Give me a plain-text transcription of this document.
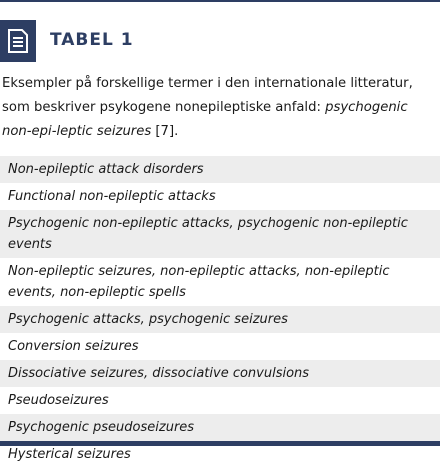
TABEL 1
Eksempler på forskellige termer i den internationale litteratur, som beskriver psykogene nonepileptiske anfald: psychogenic non-epi-leptic seizures [7].
Non-epileptic attack disorders
Functional non-epileptic attacks
Psychogenic non-epileptic attacks, psychogenic non-epileptic events
Non-epileptic seizures, non-epileptic attacks, non-epileptic events, non-epileptic spells
Psychogenic attacks, psychogenic seizures
Conversion seizures
Dissociative seizures, dissociative convulsions
Pseudoseizures
Psychogenic pseudoseizures
Hysterical seizures
